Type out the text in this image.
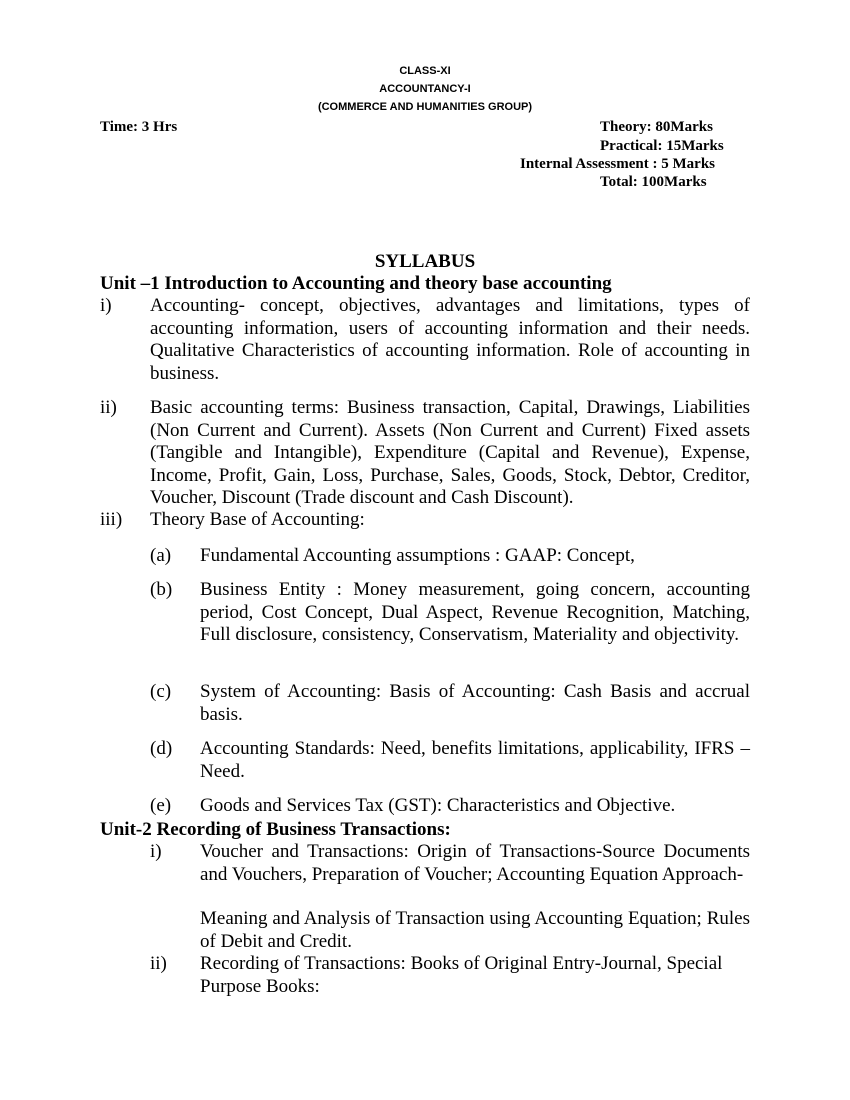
CLASS-XI
ACCOUNTANCY-I
(COMMERCE AND HUMANITIES GROUP)
Time: 3 Hrs	Theory: 80Marks
Practical: 15Marks
Internal Assessment : 5 Marks
Total: 100Marks
SYLLABUS
Unit –1 Introduction to Accounting and theory base accounting
i) Accounting- concept, objectives, advantages and limitations, types of accounting information, users of accounting information and their needs. Qualitative Characteristics of accounting information. Role of accounting in business.
ii) Basic accounting terms: Business transaction, Capital, Drawings, Liabilities (Non Current and Current). Assets (Non Current and Current) Fixed assets (Tangible and Intangible), Expenditure (Capital and Revenue), Expense, Income, Profit, Gain, Loss, Purchase, Sales, Goods, Stock, Debtor, Creditor, Voucher, Discount (Trade discount and Cash Discount).
iii) Theory Base of Accounting:
(a) Fundamental Accounting assumptions : GAAP: Concept,
(b) Business Entity : Money measurement, going concern, accounting period, Cost Concept, Dual Aspect, Revenue Recognition, Matching, Full disclosure, consistency, Conservatism, Materiality and objectivity.
(c) System of Accounting: Basis of Accounting: Cash Basis and accrual basis.
(d) Accounting Standards: Need, benefits limitations, applicability, IFRS – Need.
(e) Goods and Services Tax (GST): Characteristics and Objective.
Unit-2 Recording of Business Transactions:
i) Voucher and Transactions: Origin of Transactions-Source Documents and Vouchers, Preparation of Voucher; Accounting Equation Approach-
Meaning and Analysis of Transaction using Accounting Equation; Rules of Debit and Credit.
ii) Recording of Transactions: Books of Original Entry-Journal, Special Purpose Books:
